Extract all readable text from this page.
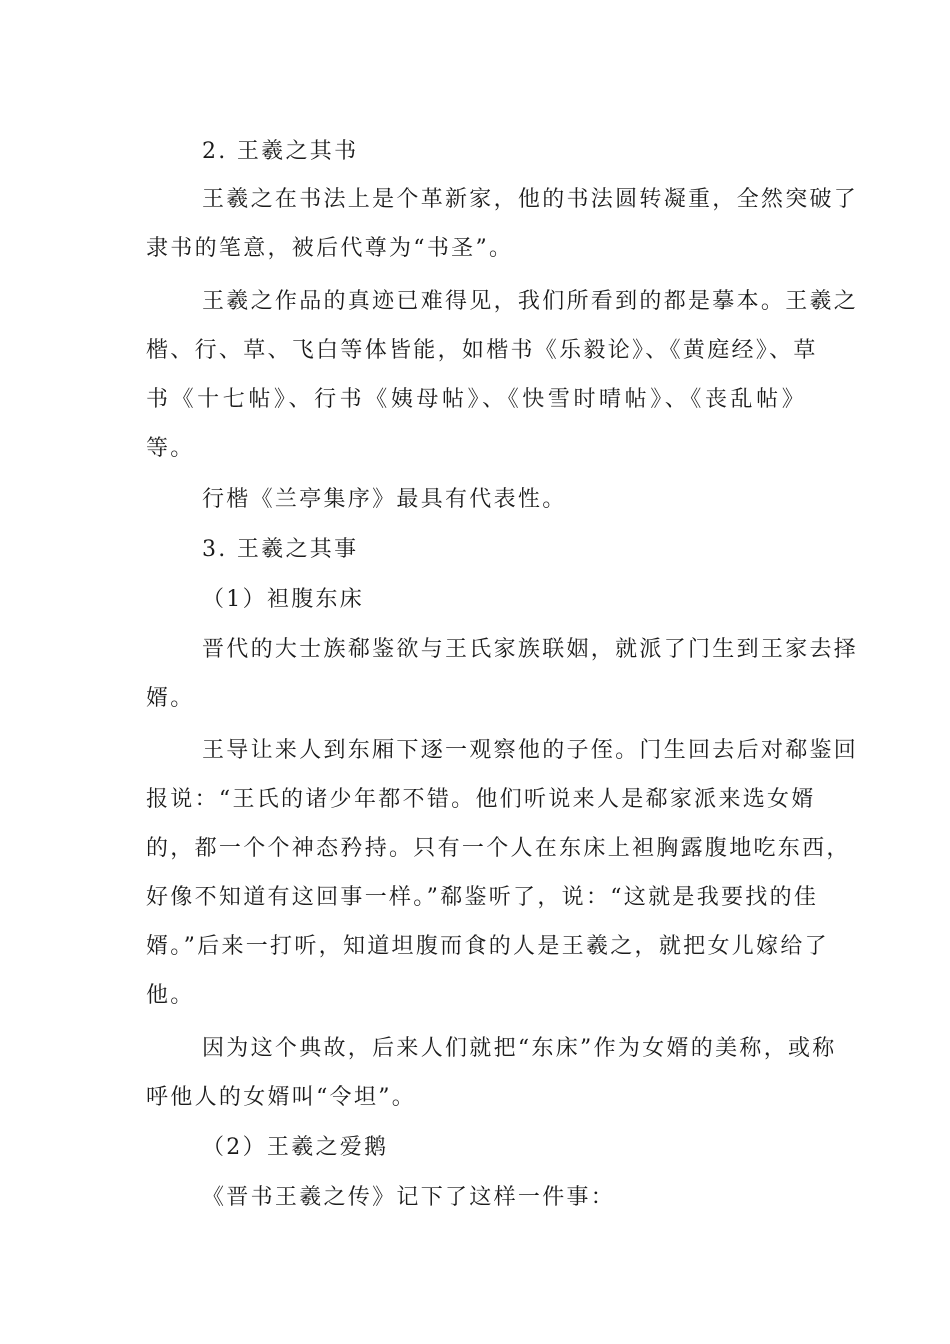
2. 王羲之其书
王羲之在书法上是个革新家，他的书法圆转凝重，全然突破了
隶书的笔意，被后代尊为“书圣”。
王羲之作品的真迹已难得见，我们所看到的都是摹本。王羲之
楷、行、草、飞白等体皆能，如楷书《乐毅论》、《黄庭经》、草
书《十七帖》、行书《姨母帖》、《快雪时晴帖》、《丧乱帖》
等。
行楷《兰亭集序》最具有代表性。
3. 王羲之其事
（1）袒腹东床
晋代的大士族郗鉴欲与王氏家族联姻，就派了门生到王家去择
婿。
王导让来人到东厢下逐一观察他的子侄。门生回去后对郗鉴回
报说：“王氏的诸少年都不错。他们听说来人是郗家派来选女婿
的，都一个个神态矜持。只有一个人在东床上袒胸露腹地吃东西，
好像不知道有这回事一样。”郗鉴听了，说：“这就是我要找的佳
婿。”后来一打听，知道坦腹而食的人是王羲之，就把女儿嫁给了
他。
因为这个典故，后来人们就把“东床”作为女婿的美称，或称
呼他人的女婿叫“令坦”。
（2）王羲之爱鹅
《晋书王羲之传》记下了这样一件事：
